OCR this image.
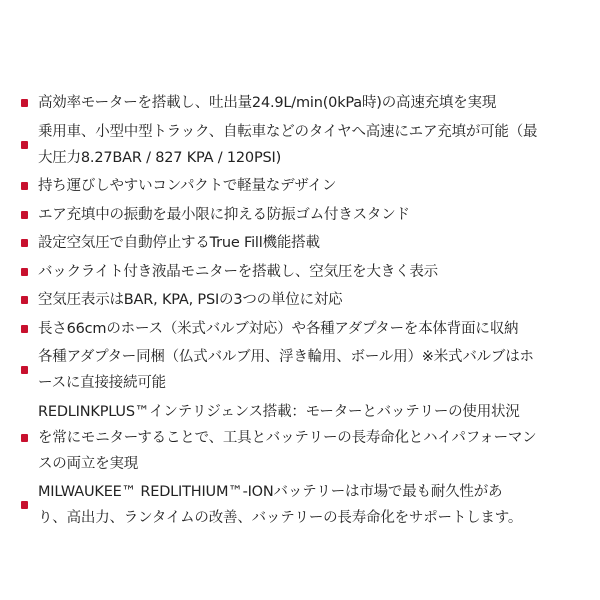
高効率モーターを搭載し、吐出量24.9L/min(0kPa時)の高速充填を実現
乗用車、小型中型トラック、自転車などのタイヤへ高速にエア充填が可能（最
大圧力8.27BAR / 827 KPA / 120PSI)
持ち運びしやすいコンパクトで軽量なデザイン
エア充填中の振動を最小限に抑える防振ゴム付きスタンド
設定空気圧で自動停止するTrue Fill機能搭載
バックライト付き液晶モニターを搭載し、空気圧を大きく表示
空気圧表示はBAR, KPA, PSIの3つの単位に対応
長さ66cmのホース（米式バルブ対応）や各種アダプターを本体背面に収納
各種アダプター同梱（仏式バルブ用、浮き輪用、ボール用）※米式バルブはホ
ースに直接接続可能
REDLINKPLUS™インテリジェンス搭載：モーターとバッテリーの使用状況
を常にモニターすることで、工具とバッテリーの長寿命化とハイパフォーマン
スの両立を実現
MILWAUKEE™ REDLITHIUM™-IONバッテリーは市場で最も耐久性があ
り、高出力、ランタイムの改善、バッテリーの長寿命化をサポートします。
